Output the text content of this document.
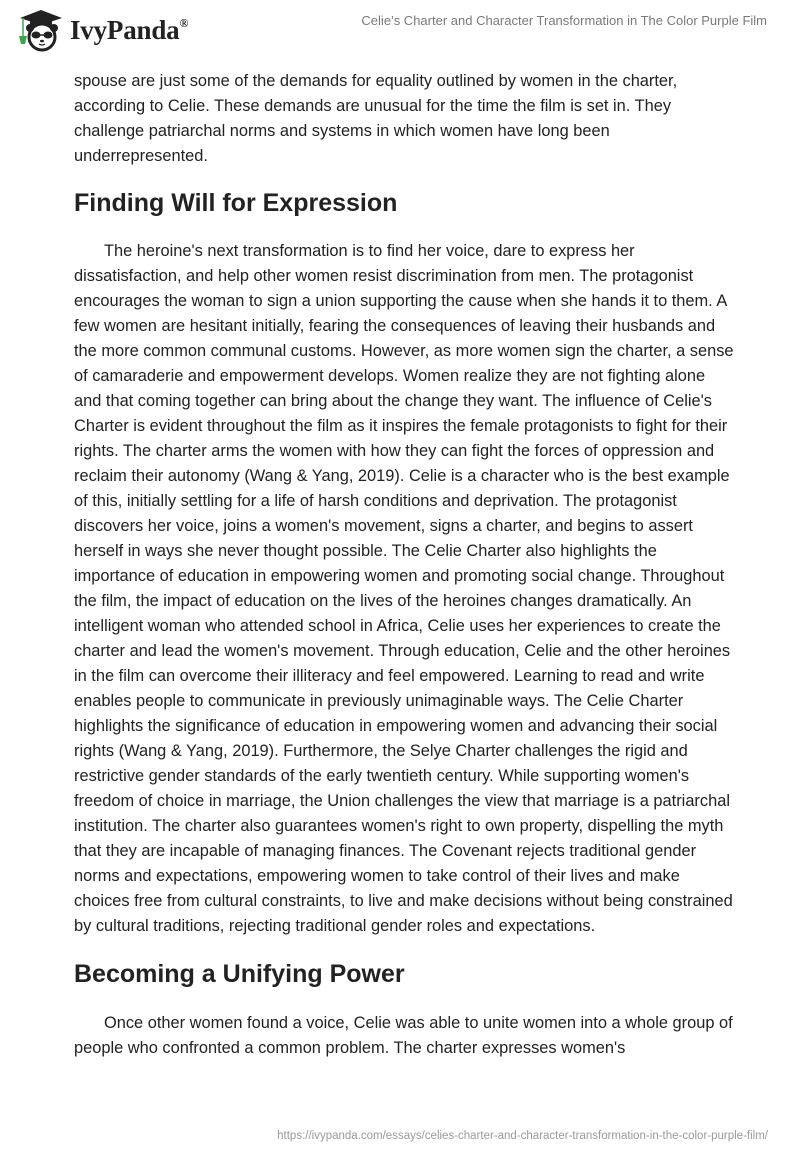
IvyPanda®	Celie’s Charter and Character Transformation in The Color Purple Film

spouse are just some of the demands for equality outlined by women in the charter, according to Celie. These demands are unusual for the time the film is set in. They challenge patriarchal norms and systems in which women have long been underrepresented.

Finding Will for Expression

The heroine's next transformation is to find her voice, dare to express her dissatisfaction, and help other women resist discrimination from men. The protagonist encourages the woman to sign a union supporting the cause when she hands it to them. A few women are hesitant initially, fearing the consequences of leaving their husbands and the more common communal customs. However, as more women sign the charter, a sense of camaraderie and empowerment develops. Women realize they are not fighting alone and that coming together can bring about the change they want. The influence of Celie's Charter is evident throughout the film as it inspires the female protagonists to fight for their rights. The charter arms the women with how they can fight the forces of oppression and reclaim their autonomy (Wang & Yang, 2019). Celie is a character who is the best example of this, initially settling for a life of harsh conditions and deprivation. The protagonist discovers her voice, joins a women's movement, signs a charter, and begins to assert herself in ways she never thought possible. The Celie Charter also highlights the importance of education in empowering women and promoting social change. Throughout the film, the impact of education on the lives of the heroines changes dramatically. An intelligent woman who attended school in Africa, Celie uses her experiences to create the charter and lead the women's movement. Through education, Celie and the other heroines in the film can overcome their illiteracy and feel empowered. Learning to read and write enables people to communicate in previously unimaginable ways. The Celie Charter highlights the significance of education in empowering women and advancing their social rights (Wang & Yang, 2019). Furthermore, the Selye Charter challenges the rigid and restrictive gender standards of the early twentieth century. While supporting women's freedom of choice in marriage, the Union challenges the view that marriage is a patriarchal institution. The charter also guarantees women's right to own property, dispelling the myth that they are incapable of managing finances. The Covenant rejects traditional gender norms and expectations, empowering women to take control of their lives and make choices free from cultural constraints, to live and make decisions without being constrained by cultural traditions, rejecting traditional gender roles and expectations.

Becoming a Unifying Power

Once other women found a voice, Celie was able to unite women into a whole group of people who confronted a common problem. The charter expresses women's

https://ivypanda.com/essays/celies-charter-and-character-transformation-in-the-color-purple-film/
